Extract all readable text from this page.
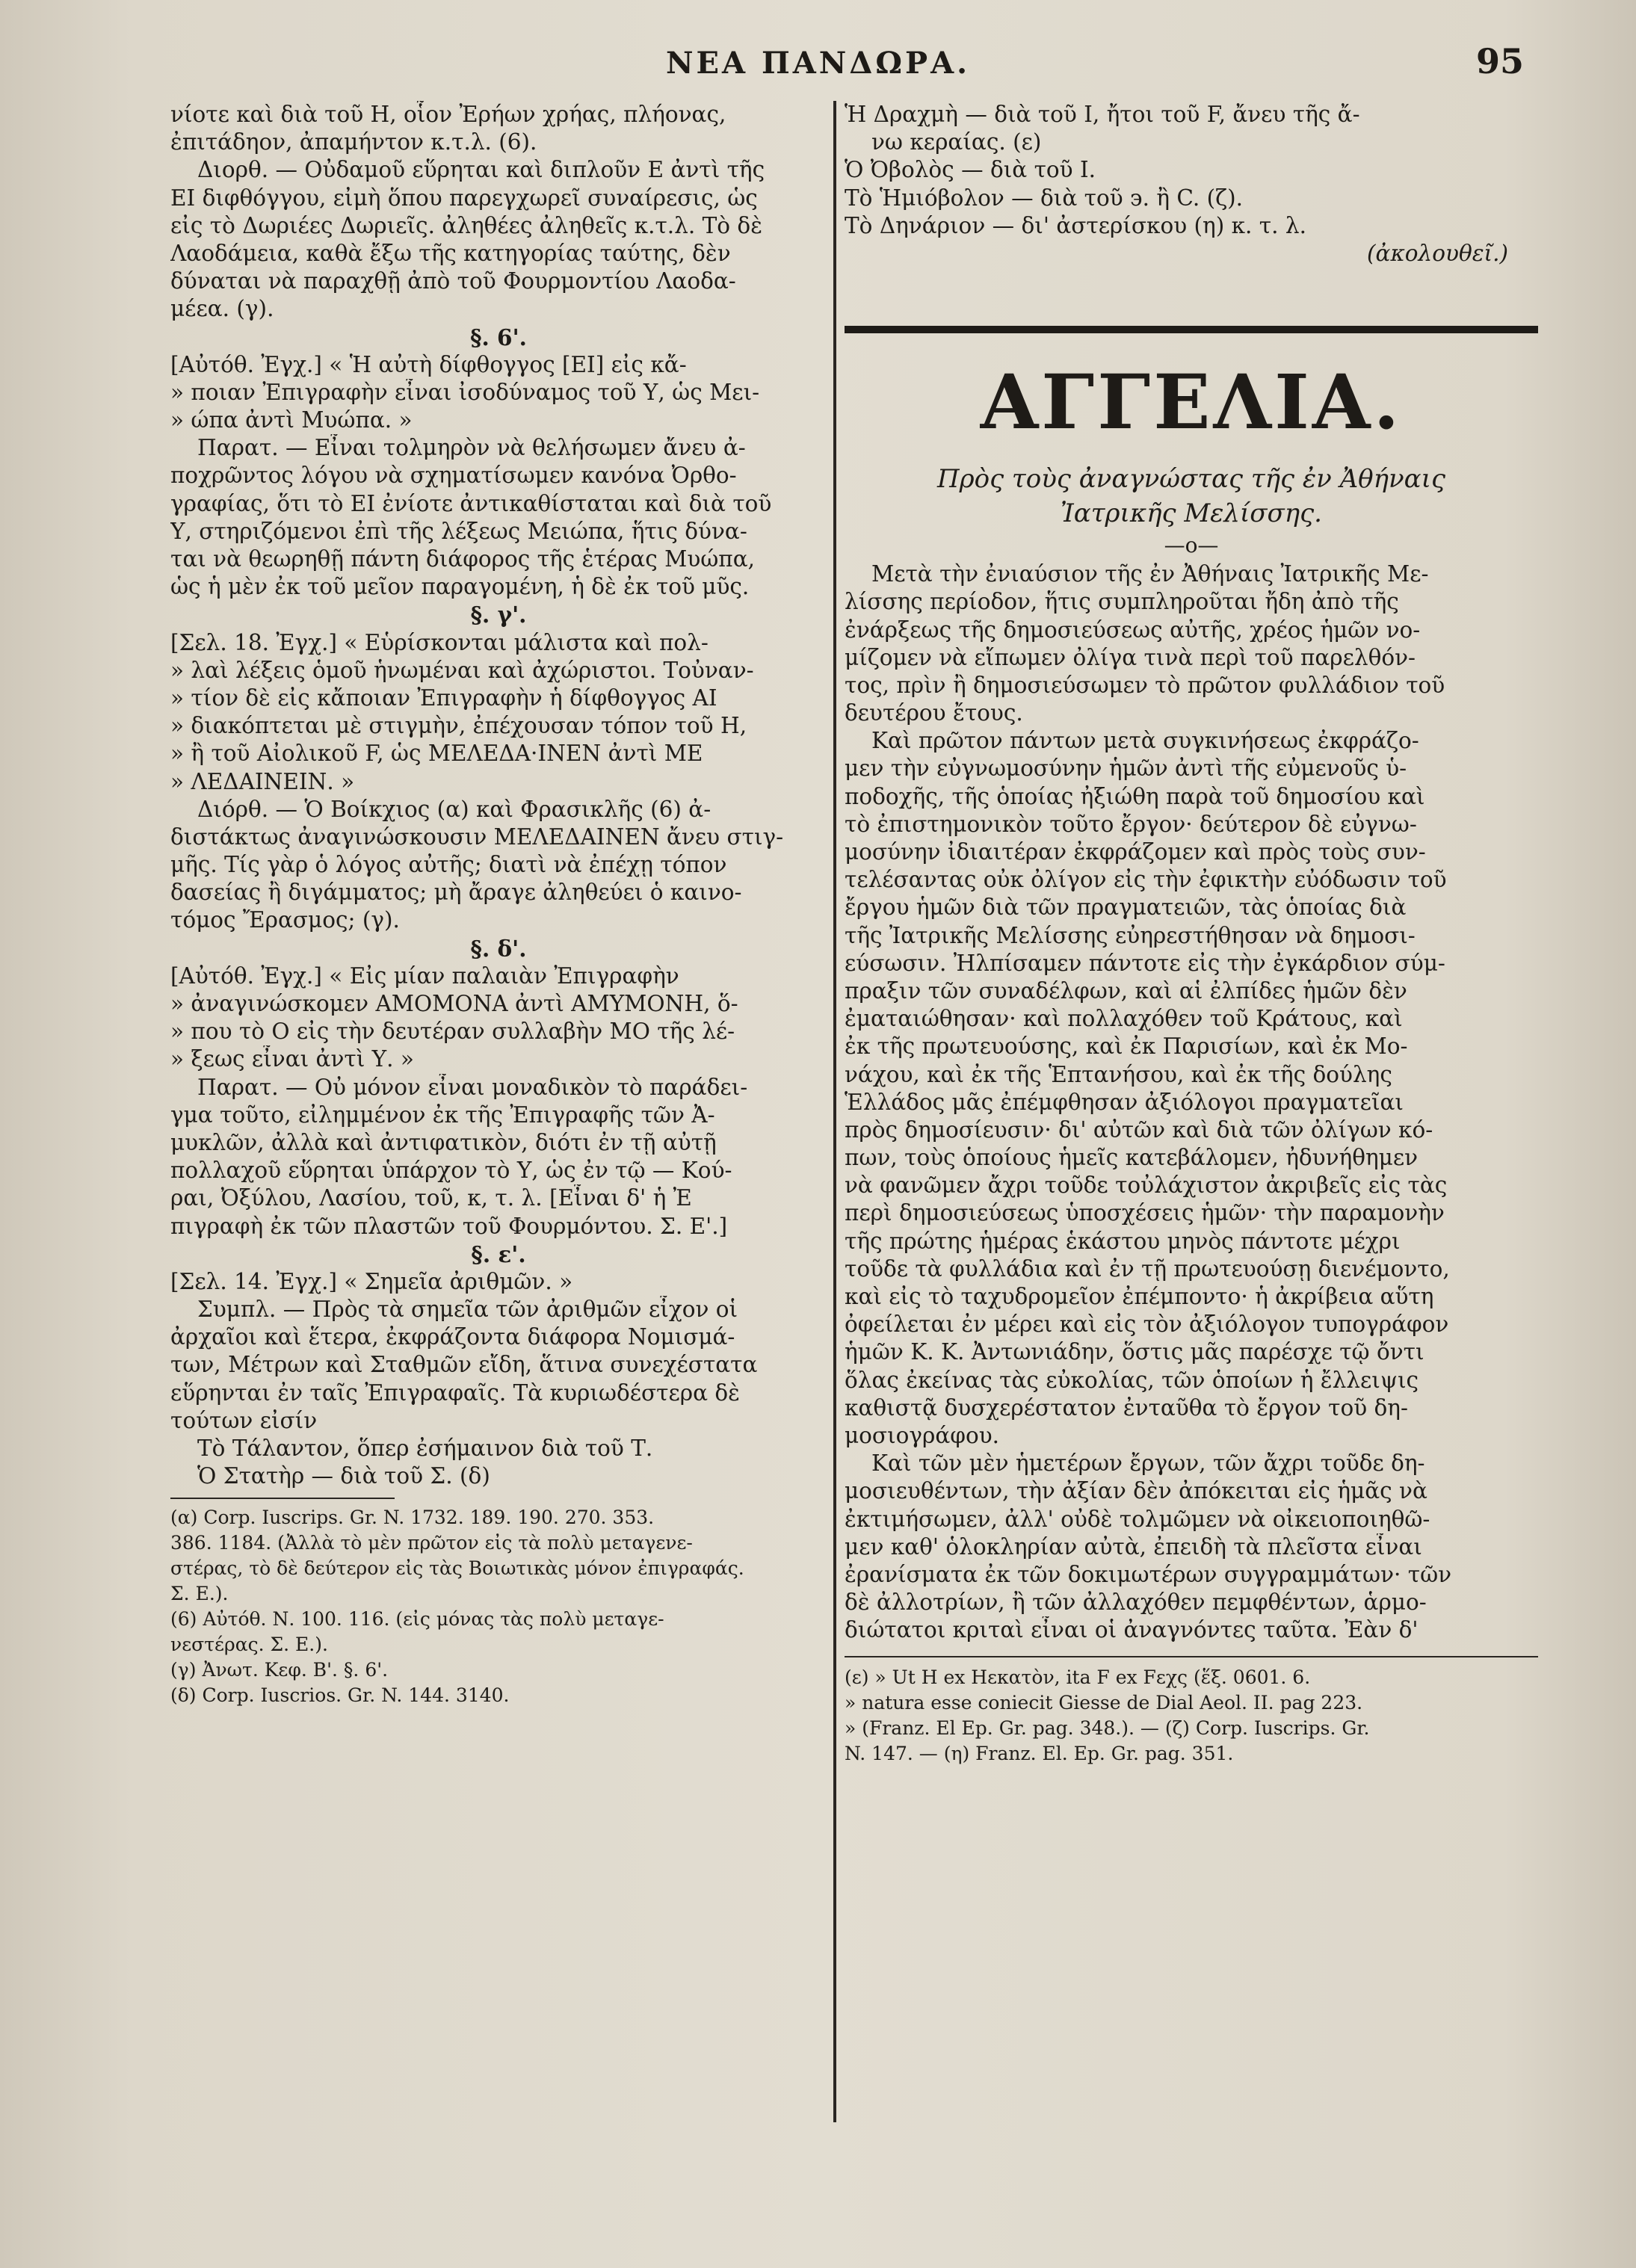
ΝΕΑ ΠΑΝΔΩΡΑ.	95
νίοτε καὶ διὰ τοῦ Η, οἷον Ἐρήων χρήας, πλήονας,
ἐπιτάδηον, ἀπαμήντον κ.τ.λ. (6).
Διορθ. — Οὐδαμοῦ εὕρηται καὶ διπλοῦν Ε ἀντὶ τῆς
ΕΙ διφθόγγου, εἰμὴ ὅπου παρεγχωρεῖ συναίρεσις, ὡς
εἰς τὸ Δωριέες Δωριεῖς. ἀληθέες ἀληθεῖς κ.τ.λ. Τὸ δὲ
Λαοδάμεια, καθὰ ἔξω τῆς κατηγορίας ταύτης, δὲν
δύναται νὰ παραχθῇ ἀπὸ τοῦ Φουρμοντίου Λαοδα-
μέεα. (γ).
§. 6'.
[Αὐτόθ. Ἐγχ.] « Ἡ αὐτὴ δίφθογγος [ΕΙ] εἰς κἄ-
» ποιαν Ἐπιγραφὴν εἶναι ἰσοδύναμος τοῦ Υ, ὡς Μει-
» ώπα ἀντὶ Μυώπα. »
Παρατ. — Εἶναι τολμηρὸν νὰ θελήσωμεν ἄνευ ἀ-
ποχρῶντος λόγου νὰ σχηματίσωμεν κανόνα Ὀρθο-
γραφίας, ὅτι τὸ ΕΙ ἐνίοτε ἀντικαθίσταται καὶ διὰ τοῦ
Υ, στηριζόμενοι ἐπὶ τῆς λέξεως Μειώπα, ἥτις δύνα-
ται νὰ θεωρηθῇ πάντη διάφορος τῆς ἑτέρας Μυώπα,
ὡς ἡ μὲν ἐκ τοῦ μεῖον παραγομένη, ἡ δὲ ἐκ τοῦ μῦς.
§. γ'.
[Σελ. 18. Ἐγχ.] « Εὑρίσκονται μάλιστα καὶ πολ-
» λαὶ λέξεις ὁμοῦ ἡνωμέναι καὶ ἀχώριστοι. Τοὐναν-
» τίον δὲ εἰς κἄποιαν Ἐπιγραφὴν ἡ δίφθογγος ΑΙ
» διακόπτεται μὲ στιγμὴν, ἐπέχουσαν τόπον τοῦ Η,
» ἢ τοῦ Αἰολικοῦ F, ὡς ΜΕΛΕΔΑ·ΙΝΕΝ ἀντὶ ΜΕ
» ΛΕΔΑΙΝΕΙΝ. »
Διόρθ. — Ὁ Βοίκχιος (α) καὶ Φρασικλῆς (6) ἀ-
διστάκτως ἀναγινώσκουσιν ΜΕΛΕΔΑΙΝΕΝ ἄνευ στιγ-
μῆς. Τίς γὰρ ὁ λόγος αὐτῆς; διατὶ νὰ ἐπέχῃ τόπον
δασείας ἢ διγάμματος; μὴ ἄραγε ἀληθεύει ὁ καινο-
τόμος Ἔρασμος; (γ).
§. δ'.
[Αὐτόθ. Ἐγχ.] « Εἰς μίαν παλαιὰν Ἐπιγραφὴν
» ἀναγινώσκομεν ΑΜΟΜΟΝΑ ἀντὶ ΑΜΥΜΟΝΗ, ὅ-
» που τὸ Ο εἰς τὴν δευτέραν συλλαβὴν ΜΟ τῆς λέ-
» ξεως εἶναι ἀντὶ Υ. »
Παρατ. — Οὐ μόνον εἶναι μοναδικὸν τὸ παράδει-
γμα τοῦτο, εἰλημμένον ἐκ τῆς Ἐπιγραφῆς τῶν Ἀ-
μυκλῶν, ἀλλὰ καὶ ἀντιφατικὸν, διότι ἐν τῇ αὐτῇ
πολλαχοῦ εὕρηται ὑπάρχον τὸ Υ, ὡς ἐν τῷ — Κού-
ραι, Ὀξύλου, Λασίου, τοῦ, κ, τ. λ. [Εἶναι δ' ἡ Ἐ
πιγραφὴ ἐκ τῶν πλαστῶν τοῦ Φουρμόντου. Σ. Ε'.]
§. ε'.
[Σελ. 14. Ἐγχ.] « Σημεῖα ἀριθμῶν. »
Συμπλ. — Πρὸς τὰ σημεῖα τῶν ἀριθμῶν εἶχον οἱ
ἀρχαῖοι καὶ ἕτερα, ἐκφράζοντα διάφορα Νομισμά-
των, Μέτρων καὶ Σταθμῶν εἴδη, ἅτινα συνεχέστατα
εὕρηνται ἐν ταῖς Ἐπιγραφαῖς. Τὰ κυριωδέστερα δὲ
τούτων εἰσίν
Τὸ Τάλαντον, ὅπερ ἐσήμαινον διὰ τοῦ Τ.
Ὁ Στατὴρ — διὰ τοῦ Σ. (δ)
(α) Corp. Iuscrips. Gr. N. 1732. 189. 190. 270. 353.
386. 1184. (Ἀλλὰ τὸ μὲν πρῶτον εἰς τὰ πολὺ μεταγενε-
στέρας, τὸ δὲ δεύτερον εἰς τὰς Βοιωτικὰς μόνον ἐπιγραφάς.
Σ. Ε.).
(6) Αὐτόθ. Ν. 100. 116. (εἰς μόνας τὰς πολὺ μεταγε-
νεστέρας. Σ. Ε.).
(γ) Ἀνωτ. Κεφ. Β'. §. 6'.
(δ) Corp. Iuscrios. Gr. N. 144. 3140.
Ἡ Δραχμὴ — διὰ τοῦ Ι, ἤτοι τοῦ F, ἄνευ τῆς ἄ-
νω κεραίας. (ε)
Ὁ Ὀβολὸς — διὰ τοῦ Ι.
Τὸ Ἡμιόβολον — διὰ τοῦ ϶. ἢ C. (ζ).
Τὸ Δηνάριον — δι' ἀστερίσκου (η) κ. τ. λ.
(ἀκολουθεῖ.)
ΑΓΓΕΛΙΑ.
Πρὸς τοὺς ἀναγνώστας τῆς ἐν Ἀθήναις
Ἰατρικῆς Μελίσσης.
—ο—
Μετὰ τὴν ἐνιαύσιον τῆς ἐν Ἀθήναις Ἰατρικῆς Με-
λίσσης περίοδον, ἥτις συμπληροῦται ἤδη ἀπὸ τῆς
ἐνάρξεως τῆς δημοσιεύσεως αὐτῆς, χρέος ἡμῶν νο-
μίζομεν νὰ εἴπωμεν ὀλίγα τινὰ περὶ τοῦ παρελθόν-
τος, πρὶν ἢ δημοσιεύσωμεν τὸ πρῶτον φυλλάδιον τοῦ
δευτέρου ἔτους.
Καὶ πρῶτον πάντων μετὰ συγκινήσεως ἐκφράζο-
μεν τὴν εὐγνωμοσύνην ἡμῶν ἀντὶ τῆς εὐμενοῦς ὑ-
ποδοχῆς, τῆς ὁποίας ἠξιώθη παρὰ τοῦ δημοσίου καὶ
τὸ ἐπιστημονικὸν τοῦτο ἔργον· δεύτερον δὲ εὐγνω-
μοσύνην ἰδιαιτέραν ἐκφράζομεν καὶ πρὸς τοὺς συν-
τελέσαντας οὐκ ὀλίγον εἰς τὴν ἐφικτὴν εὐόδωσιν τοῦ
ἔργου ἡμῶν διὰ τῶν πραγματειῶν, τὰς ὁποίας διὰ
τῆς Ἰατρικῆς Μελίσσης εὐηρεστήθησαν νὰ δημοσι-
εύσωσιν. Ἠλπίσαμεν πάντοτε εἰς τὴν ἐγκάρδιον σύμ-
πραξιν τῶν συναδέλφων, καὶ αἱ ἐλπίδες ἡμῶν δὲν
ἐματαιώθησαν· καὶ πολλαχόθεν τοῦ Κράτους, καὶ
ἐκ τῆς πρωτευούσης, καὶ ἐκ Παρισίων, καὶ ἐκ Μο-
νάχου, καὶ ἐκ τῆς Ἑπτανήσου, καὶ ἐκ τῆς δούλης
Ἑλλάδος μᾶς ἐπέμφθησαν ἀξιόλογοι πραγματεῖαι
πρὸς δημοσίευσιν· δι' αὐτῶν καὶ διὰ τῶν ὀλίγων κό-
πων, τοὺς ὁποίους ἡμεῖς κατεβάλομεν, ἠδυνήθημεν
νὰ φανῶμεν ἄχρι τοῦδε τοὐλάχιστον ἀκριβεῖς εἰς τὰς
περὶ δημοσιεύσεως ὑποσχέσεις ἡμῶν· τὴν παραμονὴν
τῆς πρώτης ἡμέρας ἑκάστου μηνὸς πάντοτε μέχρι
τοῦδε τὰ φυλλάδια καὶ ἐν τῇ πρωτευούσῃ διενέμοντο,
καὶ εἰς τὸ ταχυδρομεῖον ἐπέμποντο· ἡ ἀκρίβεια αὕτη
ὀφείλεται ἐν μέρει καὶ εἰς τὸν ἀξιόλογον τυπογράφον
ἡμῶν Κ. Κ. Ἀντωνιάδην, ὅστις μᾶς παρέσχε τῷ ὄντι
ὅλας ἐκείνας τὰς εὐκολίας, τῶν ὁποίων ἡ ἔλλειψις
καθιστᾷ δυσχερέστατον ἐνταῦθα τὸ ἔργον τοῦ δη-
μοσιογράφου.
Καὶ τῶν μὲν ἡμετέρων ἔργων, τῶν ἄχρι τοῦδε δη-
μοσιευθέντων, τὴν ἀξίαν δὲν ἀπόκειται εἰς ἡμᾶς νὰ
ἐκτιμήσωμεν, ἀλλ' οὐδὲ τολμῶμεν νὰ οἰκειοποιηθῶ-
μεν καθ' ὁλοκληρίαν αὐτὰ, ἐπειδὴ τὰ πλεῖστα εἶναι
ἐρανίσματα ἐκ τῶν δοκιμωτέρων συγγραμμάτων· τῶν
δὲ ἀλλοτρίων, ἢ τῶν ἀλλαχόθεν πεμφθέντων, ἁρμο-
διώτατοι κριταὶ εἶναι οἱ ἀναγνόντες ταῦτα. Ἐὰν δ'
(ε) » Ut H ex Ηεκατὸν, ita F ex Fεχς (ἕξ. 0601. 6.
» natura esse coniecit Giesse de Dial Aeol. II. pag 223.
» (Franz. El Ep. Gr. pag. 348.). — (ζ) Corp. Iuscrips. Gr.
N. 147. — (η) Franz. El. Ep. Gr. pag. 351.
